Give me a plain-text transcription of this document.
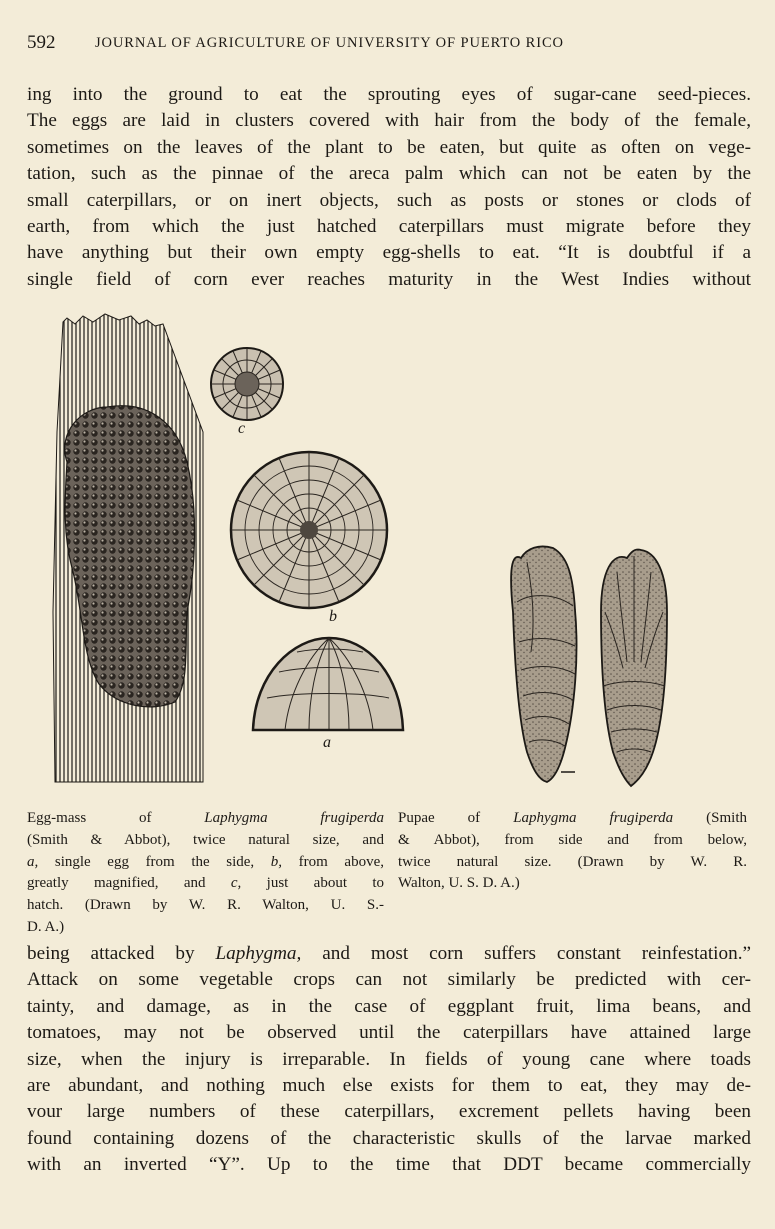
592	JOURNAL OF AGRICULTURE OF UNIVERSITY OF PUERTO RICO
ing into the ground to eat the sprouting eyes of sugar-cane seed-pieces.
The eggs are laid in clusters covered with hair from the body of the female,
sometimes on the leaves of the plant to be eaten, but quite as often on vege-
tation, such as the pinnae of the areca palm which can not be eaten by the
small caterpillars, or on inert objects, such as posts or stones or clods of
earth, from which the just hatched caterpillars must migrate before they
have anything but their own empty egg-shells to eat. “It is doubtful if a
single field of corn ever reaches maturity in the West Indies without
c
b
a
Egg-mass of Laphygma frugiperda
(Smith & Abbot), twice natural size, and
a, single egg from the side, b, from above,
greatly magnified, and c, just about to
hatch. (Drawn by W. R. Walton, U. S.-
D. A.)
Pupae of Laphygma frugiperda (Smith
& Abbot), from side and from below,
twice natural size. (Drawn by W. R.
Walton, U. S. D. A.)
being attacked by Laphygma, and most corn suffers constant reinfestation.”
Attack on some vegetable crops can not similarly be predicted with cer-
tainty, and damage, as in the case of eggplant fruit, lima beans, and
tomatoes, may not be observed until the caterpillars have attained large
size, when the injury is irreparable. In fields of young cane where toads
are abundant, and nothing much else exists for them to eat, they may de-
vour large numbers of these caterpillars, excrement pellets having been
found containing dozens of the characteristic skulls of the larvae marked
with an inverted “Y”. Up to the time that DDT became commercially
